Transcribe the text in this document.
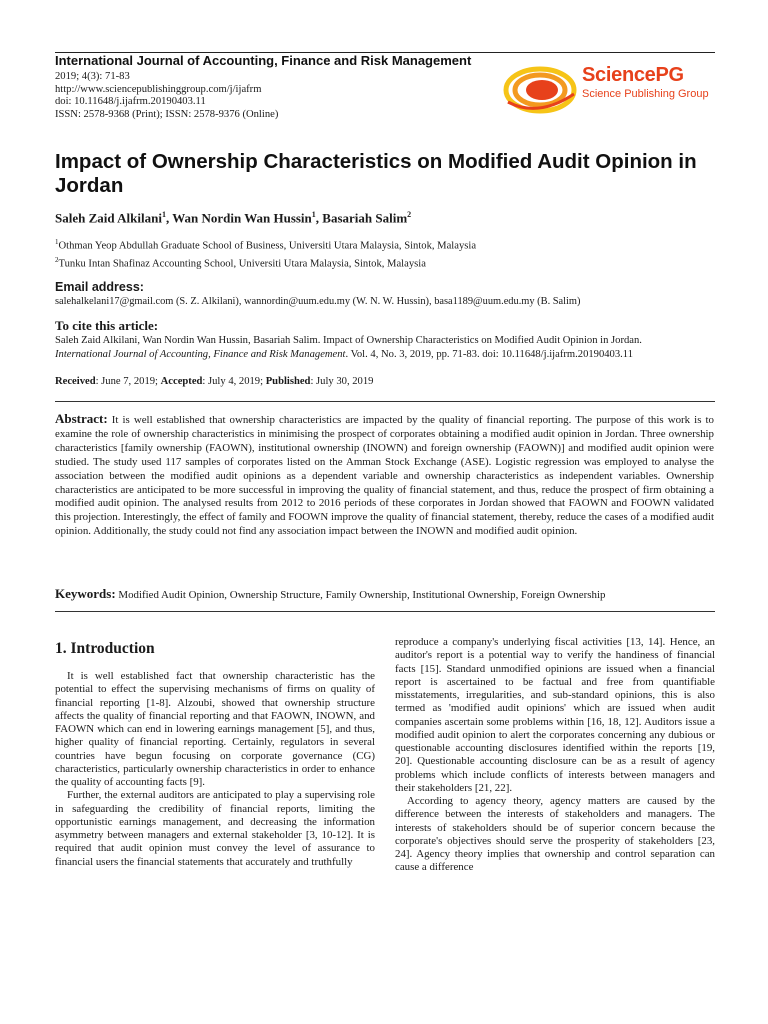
International Journal of Accounting, Finance and Risk Management
2019; 4(3): 71-83
http://www.sciencepublishinggroup.com/j/ijafrm
doi: 10.11648/j.ijafrm.20190403.11
ISSN: 2578-9368 (Print); ISSN: 2578-9376 (Online)
SciencePG
Science Publishing Group
Impact of Ownership Characteristics on Modified Audit Opinion in Jordan
Saleh Zaid Alkilani$^1$, Wan Nordin Wan Hussin$^1$, Basariah Salim$^2$
$^1$Othman Yeop Abdullah Graduate School of Business, Universiti Utara Malaysia, Sintok, Malaysia
$^2$Tunku Intan Shafinaz Accounting School, Universiti Utara Malaysia, Sintok, Malaysia
Email address:
salehalkelani17@gmail.com (S. Z. Alkilani), wannordin@uum.edu.my (W. N. W. Hussin), basa1189@uum.edu.my (B. Salim)
To cite this article:
Saleh Zaid Alkilani, Wan Nordin Wan Hussin, Basariah Salim. Impact of Ownership Characteristics on Modified Audit Opinion in Jordan.
International Journal of Accounting, Finance and Risk Management. Vol. 4, No. 3, 2019, pp. 71-83. doi: 10.11648/j.ijafrm.20190403.11
Received: June 7, 2019; Accepted: July 4, 2019; Published: July 30, 2019
Abstract: It is well established that ownership characteristics are impacted by the quality of financial reporting. The purpose of this work is to examine the role of ownership characteristics in minimising the prospect of corporates obtaining a modified audit opinion in Jordan. Three ownership characteristics [family ownership (FAOWN), institutional ownership (INOWN) and foreign ownership (FAOWN)] and modified audit opinion were studied. The study used 117 samples of corporates listed on the Amman Stock Exchange (ASE). Logistic regression was employed to analyse the association between the modified audit opinions as a dependent variable and ownership characteristics as independent variables. Ownership characteristics are anticipated to be more successful in improving the quality of financial statement, and thus, reduce the prospect of firm obtaining a modified audit opinion. The analysed results from 2012 to 2016 periods of these corporates in Jordan showed that FAOWN and FOOWN validated this projection. Interestingly, the effect of family and FOOWN improve the quality of financial statement, thereby, reduce the cases of a modified audit opinion. Additionally, the study could not find any association impact between the INOWN and modified audit opinion.
Keywords: Modified Audit Opinion, Ownership Structure, Family Ownership, Institutional Ownership, Foreign Ownership
1. Introduction

It is well established fact that ownership characteristic has the potential to effect the supervising mechanisms of firms on quality of financial reporting [1-8]. Alzoubi, showed that ownership structure affects the quality of financial reporting and that FAOWN, INOWN, and FAOWN which can end in lowering earnings management [5], and thus, higher quality of financial reporting. Certainly, regulators in several countries have begun focusing on corporate governance (CG) characteristics, particularly ownership characteristics in order to enhance the quality of accounting facts [9].

Further, the external auditors are anticipated to play a supervising role in safeguarding the credibility of financial reports, limiting the opportunistic earnings management, and decreasing the information asymmetry between managers and external stakeholder [3, 10-12]. It is required that audit opinion must convey the level of assurance to financial users the financial statements that accurately and truthfully

reproduce a company's underlying fiscal activities [13, 14]. Hence, an auditor's report is a potential way to verify the handiness of financial facts [15]. Standard unmodified opinions are issued when a financial report is ascertained to be factual and free from quantifiable misstatements, irregularities, and sub-standard opinions, this is also termed as 'modified audit opinions' which are issued when audit companies ascertain some problems within [16, 18, 12]. Auditors issue a modified audit opinion to alert the corporates concerning any dubious or questionable accounting disclosures identified within the reports [19, 20]. Questionable accounting disclosure can be as a result of agency problems which include conflicts of interests between managers and their stakeholders [21, 22].

According to agency theory, agency matters are caused by the difference between the interests of stakeholders and managers. The interests of stakeholders should be of superior concern because the corporate's objectives should serve the prosperity of stakeholders [23, 24]. Agency theory implies that ownership and control separation can cause a difference
